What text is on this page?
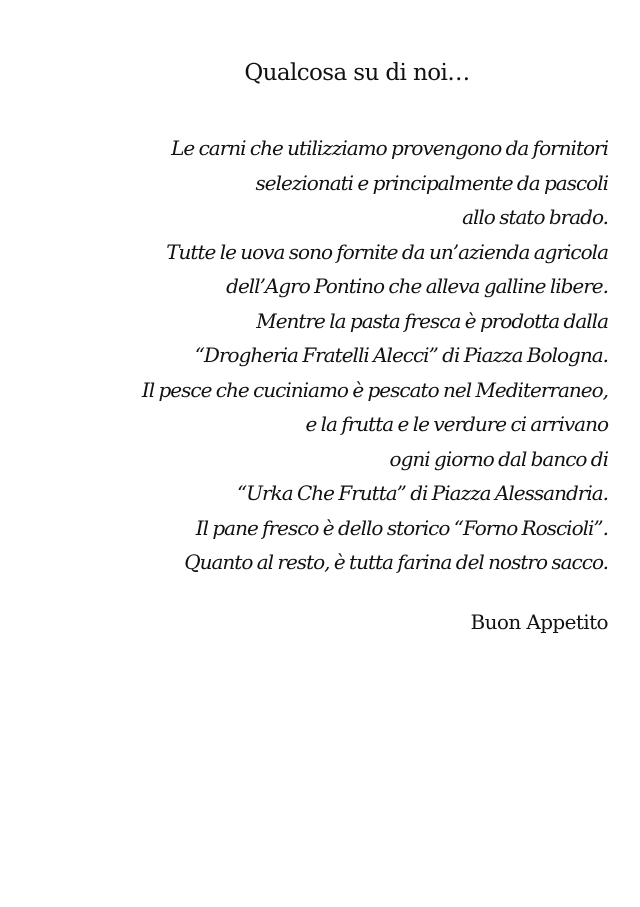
Qualcosa su di noi…
Le carni che utilizziamo provengono da fornitori
selezionati e principalmente da pascoli
allo stato brado.
Tutte le uova sono fornite da un’azienda agricola
dell’Agro Pontino che alleva galline libere.
Mentre la pasta fresca è prodotta dalla
“Drogheria Fratelli Alecci” di Piazza Bologna.
Il pesce che cuciniamo è pescato nel Mediterraneo,
e la frutta e le verdure ci arrivano
ogni giorno dal banco di
“Urka Che Frutta” di Piazza Alessandria.
Il pane fresco è dello storico “Forno Roscioli”.
Quanto al resto, è tutta farina del nostro sacco.

Buon Appetito
